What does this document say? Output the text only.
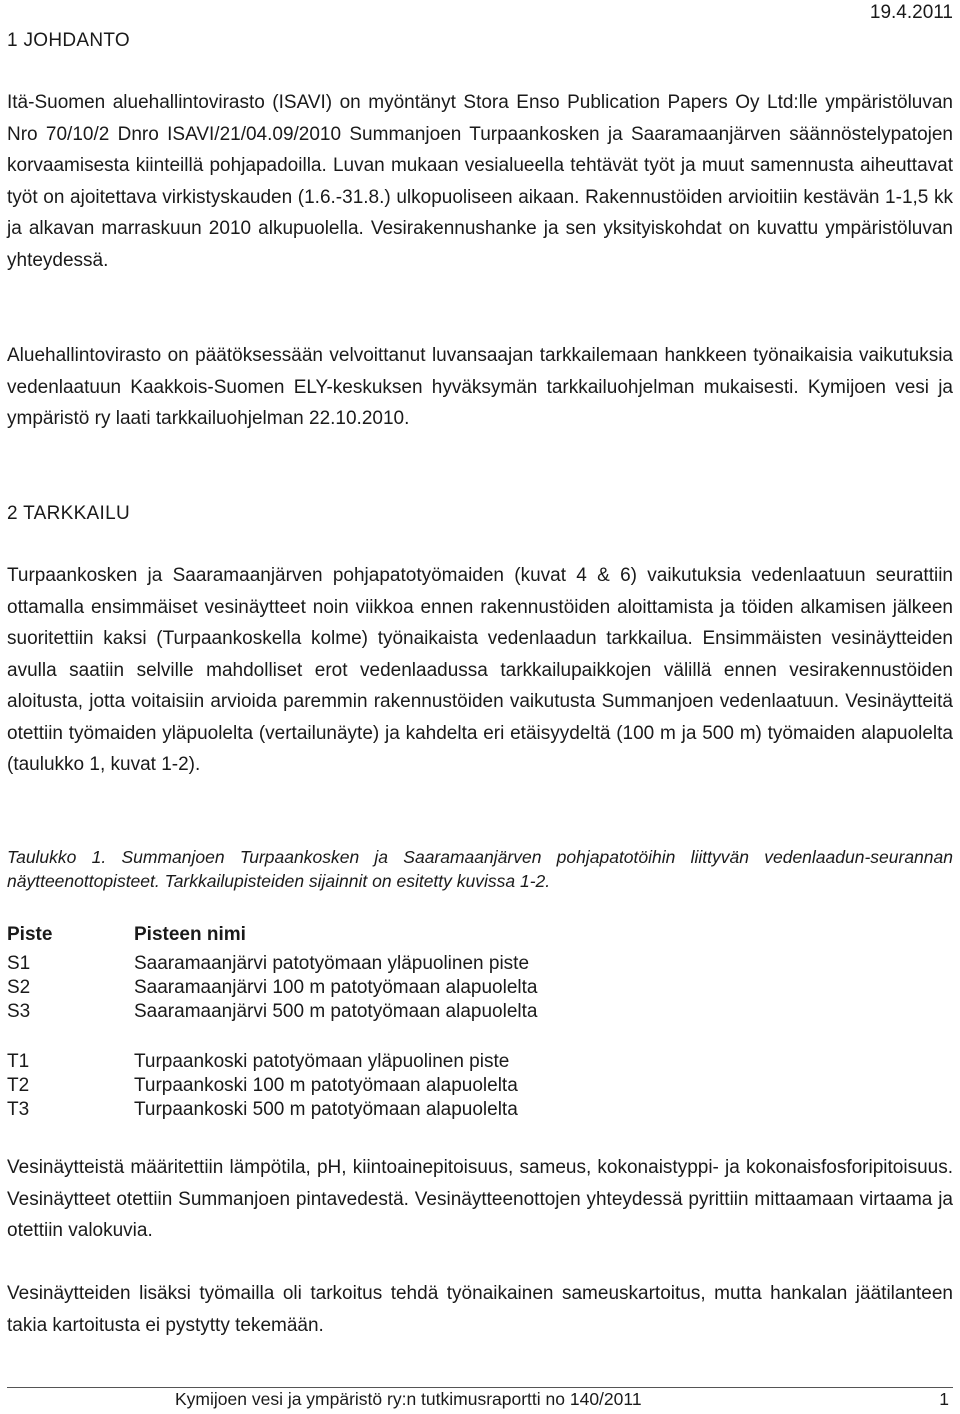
19.4.2011
1 JOHDANTO

Itä-Suomen aluehallintovirasto (ISAVI) on myöntänyt Stora Enso Publication Papers Oy Ltd:lle ympäristöluvan Nro 70/10/2 Dnro ISAVI/21/04.09/2010 Summanjoen Turpaankosken ja Saaramaanjärven säännöstelypatojen korvaamisesta kiinteillä pohjapadoilla. Luvan mukaan vesialueella tehtävät työt ja muut samennusta aiheuttavat työt on ajoitettava virkistyskauden (1.6.-31.8.) ulkopuoliseen aikaan. Rakennustöiden arvioitiin kestävän 1-1,5 kk ja alkavan marraskuun 2010 alkupuolella. Vesirakennushanke ja sen yksityiskohdat on kuvattu ympäristöluvan yhteydessä.

Aluehallintovirasto on päätöksessään velvoittanut luvansaajan tarkkailemaan hankkeen työnaikaisia vaikutuksia vedenlaatuun Kaakkois-Suomen ELY-keskuksen hyväksymän tarkkailuohjelman mukaisesti. Kymijoen vesi ja ympäristö ry laati tarkkailuohjelman 22.10.2010.

2 TARKKAILU

Turpaankosken ja Saaramaanjärven pohjapatotyömaiden (kuvat 4 & 6) vaikutuksia vedenlaatuun seurattiin ottamalla ensimmäiset vesinäytteet noin viikkoa ennen rakennustöiden aloittamista ja töiden alkamisen jälkeen suoritettiin kaksi (Turpaankoskella kolme) työnaikaista vedenlaadun tarkkailua. Ensimmäisten vesinäytteiden avulla saatiin selville mahdolliset erot vedenlaadussa tarkkailupaikkojen välillä ennen vesirakennustöiden aloitusta, jotta voitaisiin arvioida paremmin rakennustöiden vaikutusta Summanjoen vedenlaatuun. Vesinäytteitä otettiin työmaiden yläpuolelta (vertailunäyte) ja kahdelta eri etäisyydeltä (100 m ja 500 m) työmaiden alapuolelta (taulukko 1, kuvat 1-2).

Taulukko 1. Summanjoen Turpaankosken ja Saaramaanjärven pohjapatotöihin liittyvän vedenlaadun-seurannan näytteenottopisteet. Tarkkailupisteiden sijainnit on esitetty kuvissa 1-2.

Piste	Pisteen nimi
S1	Saaramaanjärvi patotyömaan yläpuolinen piste
S2	Saaramaanjärvi 100 m patotyömaan alapuolelta
S3	Saaramaanjärvi 500 m patotyömaan alapuolelta
T1	Turpaankoski patotyömaan yläpuolinen piste
T2	Turpaankoski 100 m patotyömaan alapuolelta
T3	Turpaankoski 500 m patotyömaan alapuolelta

Vesinäytteistä määritettiin lämpötila, pH, kiintoainepitoisuus, sameus, kokonaistyppi- ja kokonaisfosforipitoisuus. Vesinäytteet otettiin Summanjoen pintavedestä. Vesinäytteenottojen yhteydessä pyrittiin mittaamaan virtaama ja otettiin valokuvia.

Vesinäytteiden lisäksi työmailla oli tarkoitus tehdä työnaikainen sameuskartoitus, mutta hankalan jäätilanteen takia kartoitusta ei pystytty tekemään.

Kymijoen vesi ja ympäristö ry:n tutkimusraportti no 140/2011	1
